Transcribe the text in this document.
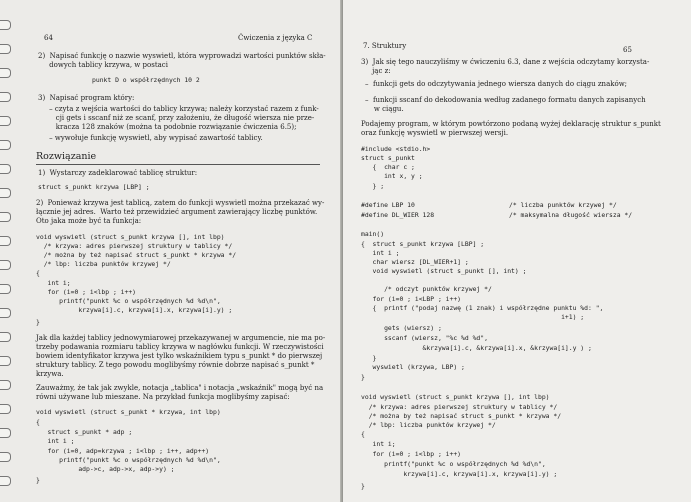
64	Ćwiczenia z języka C
2)  Napisać funkcję o nazwie wyswietl, która wyprowadzi wartości punktów skła-
dowych tablicy krzywa, w postaci
punkt D o współrzędnych 10 2
3)  Napisać program który:
– czyta z wejścia wartości do tablicy krzywa; należy korzystać razem z funk-
cji gets i sscanf niż ze scanf, przy założeniu, że długość wiersza nie prze-
kracza 128 znaków (można ta podobnie rozwiązanie ćwiczenia 6.5);
– wywołuje funkcję wyswietl, aby wypisać zawartość tablicy.
Rozwiązanie
1)  Wystarczy zadeklarować tablicę struktur:
struct s_punkt krzywa [LBP] ;
2)  Ponieważ krzywa jest tablicą, zatem do funkcji wyswietl można przekazać wy-
łącznie jej adres.  Warto też przewidzieć argument zawierający liczbę punktów.
Oto jaka może być ta funkcja:
void wyswietl (struct s_punkt krzywa [], int lbp)
/* krzywa: adres pierwszej struktury w tablicy */
/* można by też napisać struct s_punkt * krzywa */
/* lbp: liczba punktów krzywej */
{
int i;
for (i=0 ; i<lbp ; i++)
printf("punkt %c o współrzędnych %d %d\n",
krzywa[i].c, krzywa[i].x, krzywa[i].y) ;
}
Jak dla każdej tablicy jednowymiarowej przekazywanej w argumencie, nie ma po-
trzeby podawania rozmiaru tablicy krzywa w nagłówku funkcji. W rzeczywistości
bowiem identyfikator krzywa jest tylko wskaźnikiem typu s_punkt * do pierwszej
struktury tablicy. Z tego powodu moglibyśmy równie dobrze napisać s_punkt *
krzywa.
Zauważmy, że tak jak zwykle, notacja „tablica" i notacja „wskaźnik" mogą być na
równi używane lub mieszane. Na przykład funkcja moglibyśmy zapisać:
void wyswietl (struct s_punkt * krzywa, int lbp)
{
struct s_punkt * adp ;
int i ;
for (i=0, adp=krzywa ; i<lbp ; i++, adp++)
printf("punkt %c o współrzędnych %d %d\n",
adp->c, adp->x, adp->y) ;
}
7. Struktury	65
3)  Jak się tego nauczyliśmy w ćwiczeniu 6.3, dane z wejścia odczytamy korzysta-
jąc z:
–  funkcji gets do odczytywania jednego wiersza danych do ciągu znaków;
–  funkcji sscanf do dekodowania według zadanego formatu danych zapisanych
w ciągu.
Podajemy program, w którym powtórzono podaną wyżej deklarację struktur s_punkt
oraz funkcję wyswietl w pierwszej wersji.
#include <stdio.h>
struct s_punkt
{  char c ;
int x, y ;
} ;
#define LBP 10
#define DL_WIER 128
/* liczba punktów krzywej */
/* maksymalna długość wiersza */
main()
{  struct s_punkt krzywa [LBP] ;
int i ;
char wiersz [DL_WIER+1] ;
void wyswietl (struct s_punkt [], int) ;
/* odczyt punktów krzywej */
for (i=0 ; i<LBP ; i++)
{  printf ("podaj nazwę (1 znak) i współrzędne punktu %d: ",
i+1) ;
gets (wiersz) ;
sscanf (wiersz, "%c %d %d",
&krzywa[i].c, &krzywa[i].x, &krzywa[i].y ) ;
}
wyswietl (krzywa, LBP) ;
}
void wyswietl (struct s_punkt krzywa [], int lbp)
/* krzywa: adres pierwszej struktury w tablicy */
/* można by też napisać struct s_punkt * krzywa */
/* lbp: liczba punktów krzywej */
{
int i;
for (i=0 ; i<lbp ; i++)
printf("punkt %c o współrzędnych %d %d\n",
krzywa[i].c, krzywa[i].x, krzywa[i].y) ;
}
